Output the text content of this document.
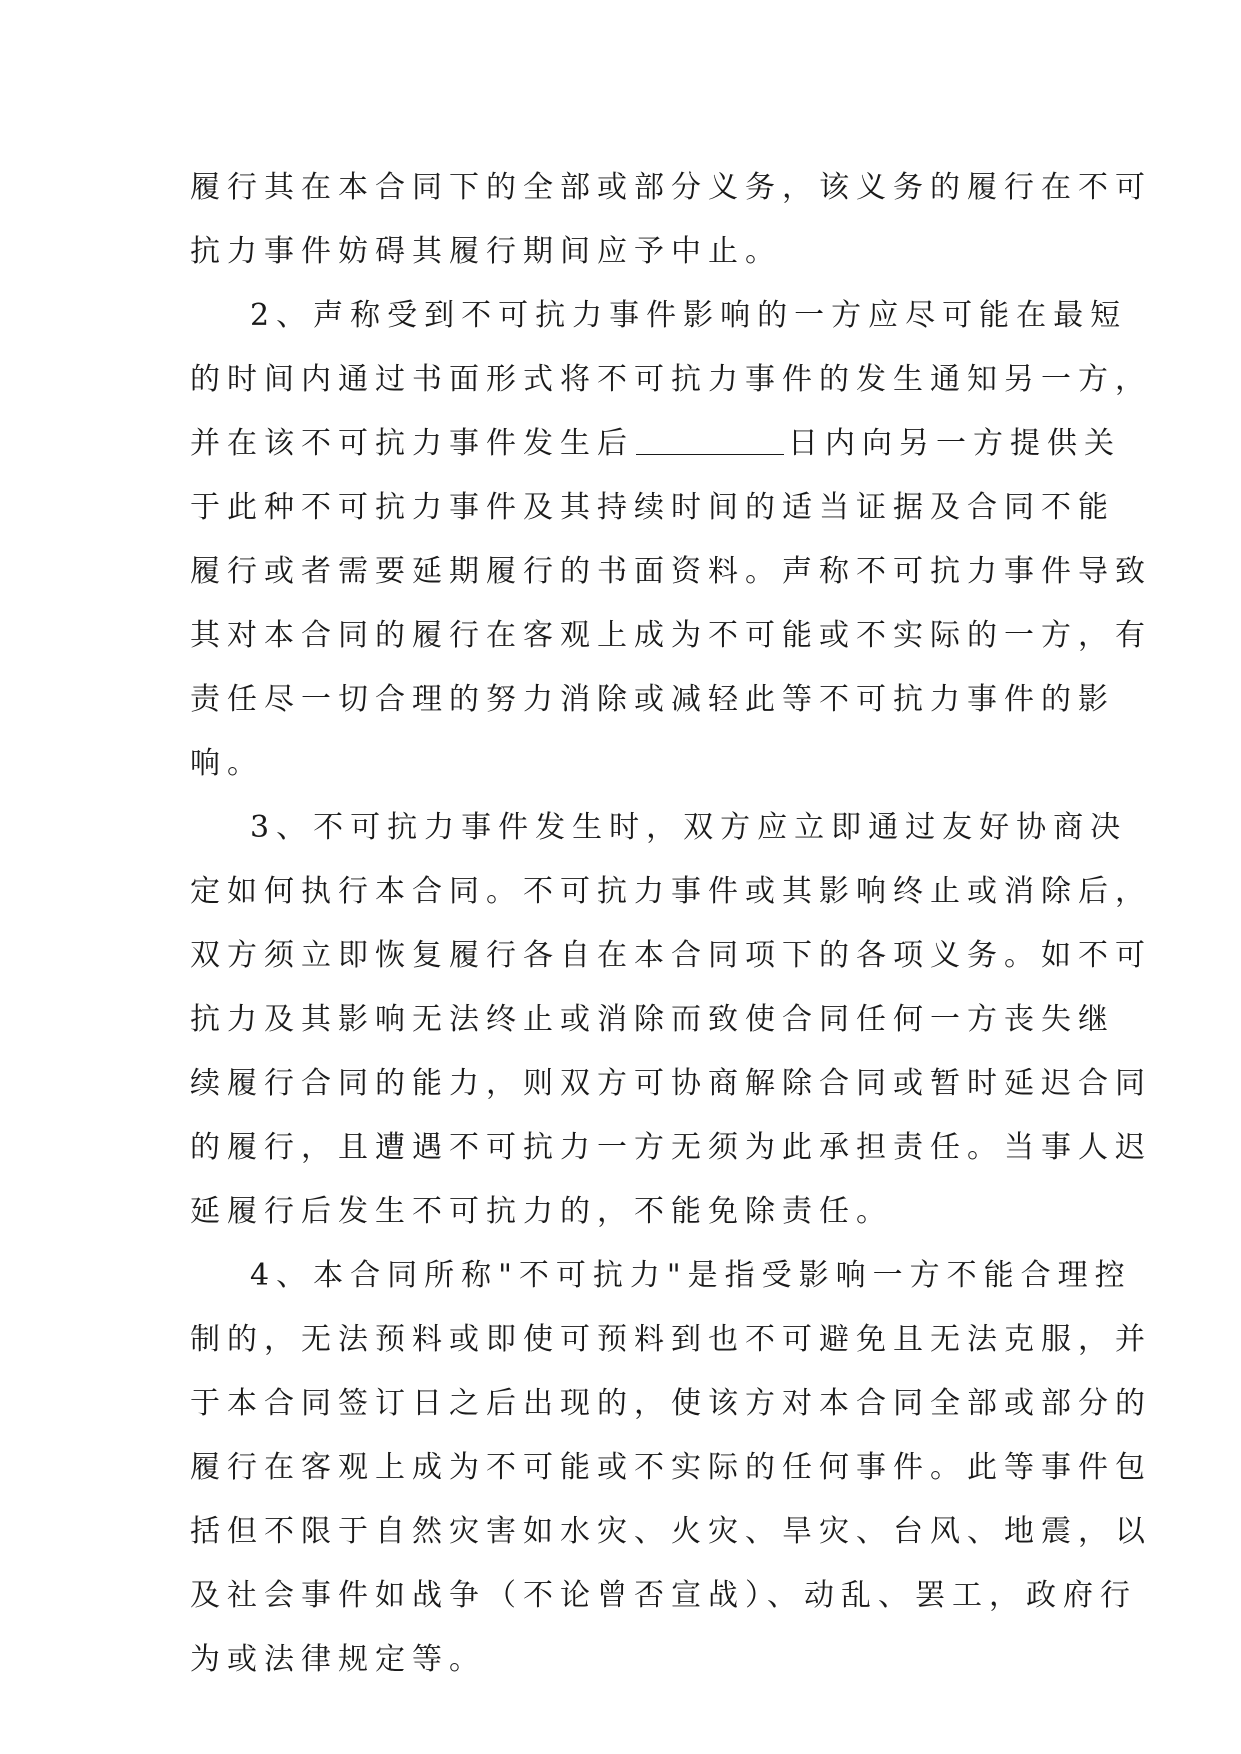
履行其在本合同下的全部或部分义务，该义务的履行在不可
抗力事件妨碍其履行期间应予中止。
2、声称受到不可抗力事件影响的一方应尽可能在最短
的时间内通过书面形式将不可抗力事件的发生通知另一方，
并在该不可抗力事件发生后	日内向另一方提供关
于此种不可抗力事件及其持续时间的适当证据及合同不能
履行或者需要延期履行的书面资料。声称不可抗力事件导致
其对本合同的履行在客观上成为不可能或不实际的一方，有
责任尽一切合理的努力消除或减轻此等不可抗力事件的影
响。
3、不可抗力事件发生时，双方应立即通过友好协商决
定如何执行本合同。不可抗力事件或其影响终止或消除后，
双方须立即恢复履行各自在本合同项下的各项义务。如不可
抗力及其影响无法终止或消除而致使合同任何一方丧失继
续履行合同的能力，则双方可协商解除合同或暂时延迟合同
的履行，且遭遇不可抗力一方无须为此承担责任。当事人迟
延履行后发生不可抗力的，不能免除责任。
4、本合同所称"不可抗力"是指受影响一方不能合理控
制的，无法预料或即使可预料到也不可避免且无法克服，并
于本合同签订日之后出现的，使该方对本合同全部或部分的
履行在客观上成为不可能或不实际的任何事件。此等事件包
括但不限于自然灾害如水灾、火灾、旱灾、台风、地震，以
及社会事件如战争（不论曾否宣战）、动乱、罢工，政府行
为或法律规定等。
